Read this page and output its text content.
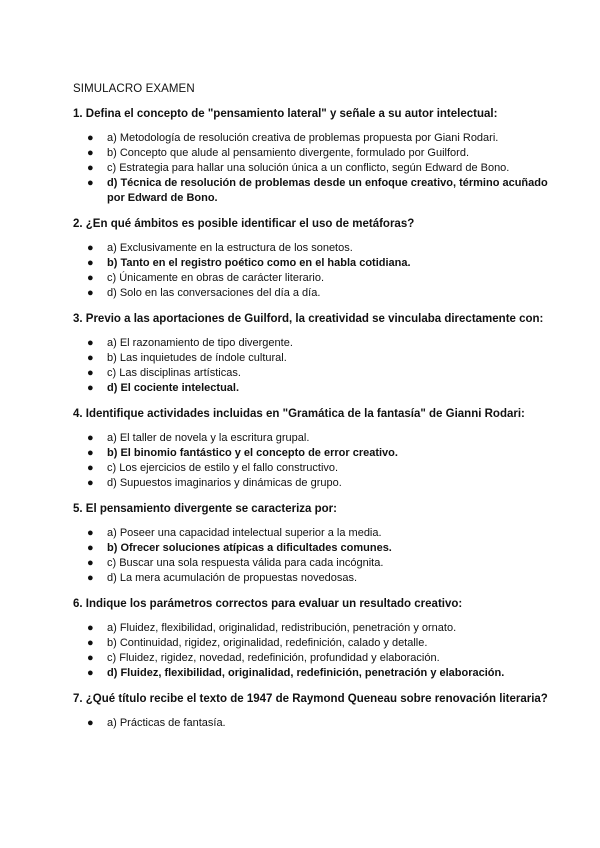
SIMULACRO EXAMEN

1. Defina el concepto de "pensamiento lateral" y señale a su autor intelectual:

● a) Metodología de resolución creativa de problemas propuesta por Giani Rodari.
● b) Concepto que alude al pensamiento divergente, formulado por Guilford.
● c) Estrategia para hallar una solución única a un conflicto, según Edward de Bono.
● d) Técnica de resolución de problemas desde un enfoque creativo, término acuñado por Edward de Bono.

2. ¿En qué ámbitos es posible identificar el uso de metáforas?

● a) Exclusivamente en la estructura de los sonetos.
● b) Tanto en el registro poético como en el habla cotidiana.
● c) Únicamente en obras de carácter literario.
● d) Solo en las conversaciones del día a día.

3. Previo a las aportaciones de Guilford, la creatividad se vinculaba directamente con:

● a) El razonamiento de tipo divergente.
● b) Las inquietudes de índole cultural.
● c) Las disciplinas artísticas.
● d) El cociente intelectual.

4. Identifique actividades incluidas en "Gramática de la fantasía" de Gianni Rodari:

● a) El taller de novela y la escritura grupal.
● b) El binomio fantástico y el concepto de error creativo.
● c) Los ejercicios de estilo y el fallo constructivo.
● d) Supuestos imaginarios y dinámicas de grupo.

5. El pensamiento divergente se caracteriza por:

● a) Poseer una capacidad intelectual superior a la media.
● b) Ofrecer soluciones atípicas a dificultades comunes.
● c) Buscar una sola respuesta válida para cada incógnita.
● d) La mera acumulación de propuestas novedosas.

6. Indique los parámetros correctos para evaluar un resultado creativo:

● a) Fluidez, flexibilidad, originalidad, redistribución, penetración y ornato.
● b) Continuidad, rigidez, originalidad, redefinición, calado y detalle.
● c) Fluidez, rigidez, novedad, redefinición, profundidad y elaboración.
● d) Fluidez, flexibilidad, originalidad, redefinición, penetración y elaboración.

7. ¿Qué título recibe el texto de 1947 de Raymond Queneau sobre renovación literaria?

● a) Prácticas de fantasía.
